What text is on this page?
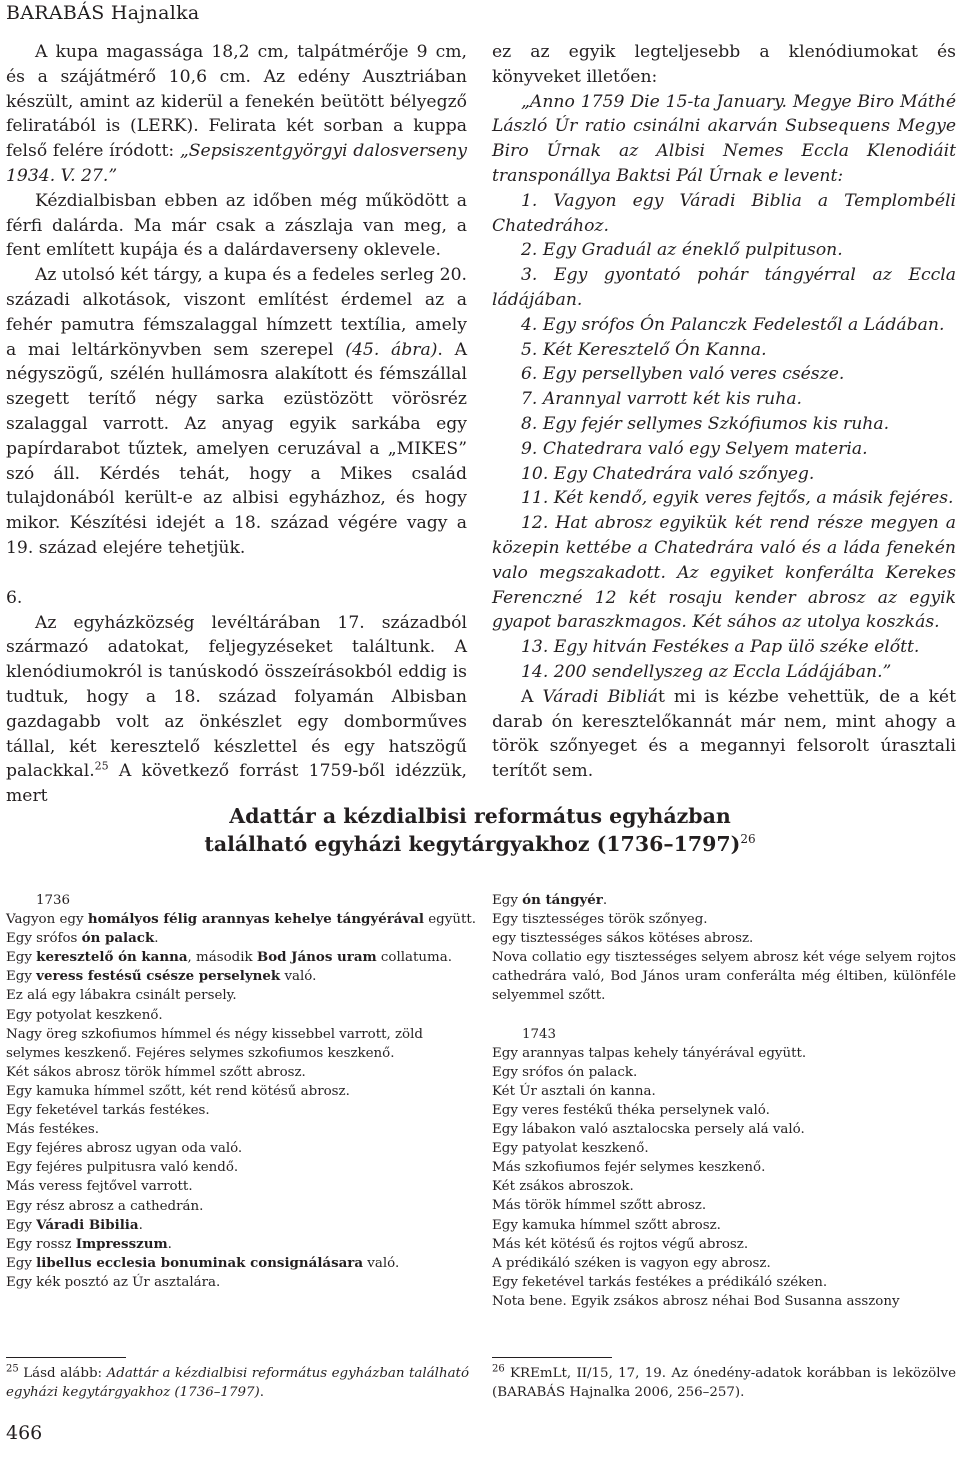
BARABÁS Hajnalka

A kupa magassága 18,2 cm, talpátmérője 9 cm, és a szájátmérő 10,6 cm. Az edény Ausztriában készült, amint az kiderül a fenekén beütött bélyegző feliratából is (LERK). Felirata két sorban a kuppa felső felére íródott: „Sepsiszentgyörgyi dalosverseny 1934. V. 27.”

Kézdialbisban ebben az időben még működött a férfi dalárda. Ma már csak a zászlaja van meg, a fent említett kupája és a dalárdaverseny oklevele.

Az utolsó két tárgy, a kupa és a fedeles serleg 20. századi alkotások, viszont említést érdemel az a fehér pamutra fémszalaggal hímzett textília, amely a mai leltárkönyvben sem szerepel (45. ábra). A négyszögű, szélén hullámosra alakított és fémszállal szegett terítő négy sarka ezüstözött vörösréz szalaggal varrott. Az anyag egyik sarkába egy papírdarabot tűztek, amelyen ceruzával a „MIKES” szó áll. Kérdés tehát, hogy a Mikes család tulajdonából került-e az albisi egyházhoz, és hogy mikor. Készítési idejét a 18. század végére vagy a 19. század elejére tehetjük.

6.

Az egyházközség levéltárában 17. századból származó adatokat, feljegyzéseket találtunk. A klenódiumokról is tanúskodó összeírásokból eddig is tudtuk, hogy a 18. század folyamán Albisban gazdagabb volt az önkészlet egy domborműves tállal, két keresztelő készlettel és egy hatszögű palackkal.$^{25}$ A következő forrást 1759-ből idézzük, mert

ez az egyik legteljesebb a klenódiumokat és könyveket illetően:

„Anno 1759 Die 15-ta January. Megye Biro Máthé László Úr ratio csinálni akarván Subsequens Megye Biro Úrnak az Albisi Nemes Eccla Klenodiáit transponállya Baktsi Pál Úrnak e levent:

1. Vagyon egy Váradi Biblia a Templombéli Chatedrához.

2. Egy Graduál az éneklő pulpituson.

3. Egy gyontató pohár tángyérral az Eccla ládájában.

4. Egy srófos Ón Palanczk Fedelestől a Ládában.

5. Két Keresztelő Ón Kanna.

6. Egy persellyben való veres csésze.

7. Arannyal varrott két kis ruha.

8. Egy fejér sellymes Szkófiumos kis ruha.

9. Chatedrara való egy Selyem materia.

10. Egy Chatedrára való szőnyeg.

11. Két kendő, egyik veres fejtős, a másik fejéres.

12. Hat abrosz egyikük két rend része megyen a közepin kettébe a Chatedrára való és a láda fenekén valo megszakadott. Az egyiket konferálta Kerekes Ferenczné 12 két rosaju kender abrosz az egyik gyapot baraszkmagos. Két sáhos az utolya koszkás.

13. Egy hitván Festékes a Pap ülö széke előtt.

14. 200 sendellyszeg az Eccla Ládájában.”

A Váradi Bibliát mi is kézbe vehettük, de a két darab ón keresztelőkannát már nem, mint ahogy a török szőnyeget és a megannyi felsorolt úrasztali terítőt sem.

Adattár a kézdialbisi református egyházban
található egyházi kegytárgyakhoz (1736–1797)$^{26}$

1736

Vagyon egy homályos félig arannyas kehelye tángyérával együtt.

Egy srófos ón palack.

Egy keresztelő ón kanna, második Bod János uram collatuma.

Egy veress festésű csésze perselynek való.

Ez alá egy lábakra csinált persely.

Egy potyolat keszkenő.

Nagy öreg szkofiumos hímmel és négy kissebbel varrott, zöld selymes keszkenő. Fejéres selymes szkofiumos keszkenő.

Két sákos abrosz török hímmel szőtt abrosz.

Egy kamuka hímmel szőtt, két rend kötésű abrosz.

Egy feketével tarkás festékes.

Más festékes.

Egy fejéres abrosz ugyan oda való.

Egy fejéres pulpitusra való kendő.

Más veress fejtővel varrott.

Egy rész abrosz a cathedrán.

Egy Váradi Bibilia.

Egy rossz Impresszum.

Egy libellus ecclesia bonuminak consignálásara való.

Egy kék posztó az Úr asztalára.

Egy ón tángyér.

Egy tisztességes török szőnyeg.

egy tisztességes sákos kötéses abrosz.

Nova collatio egy tisztességes selyem abrosz két vége selyem rojtos cathedrára való, Bod János uram conferálta még éltiben, különféle selyemmel szőtt.

1743

Egy arannyas talpas kehely tányérával együtt.

Egy srófos ón palack.

Két Úr asztali ón kanna.

Egy veres festékű théka perselynek való.

Egy lábakon való asztalocska persely alá való.

Egy patyolat keszkenő.

Más szkofiumos fejér selymes keszkenő.

Két zsákos abroszok.

Más török hímmel szőtt abrosz.

Egy kamuka hímmel szőtt abrosz.

Más két kötésű és rojtos végű abrosz.

A prédikáló széken is vagyon egy abrosz.

Egy feketével tarkás festékes a prédikáló széken.

Nota bene. Egyik zsákos abrosz néhai Bod Susanna asszony

$^{25}$ Lásd alább: Adattár a kézdialbisi református egyházban található egyházi kegytárgyakhoz (1736–1797).

$^{26}$ KREmLt, II/15, 17, 19. Az ónedény-adatok korábban is leközölve (BARABÁS Hajnalka 2006, 256–257).

466
